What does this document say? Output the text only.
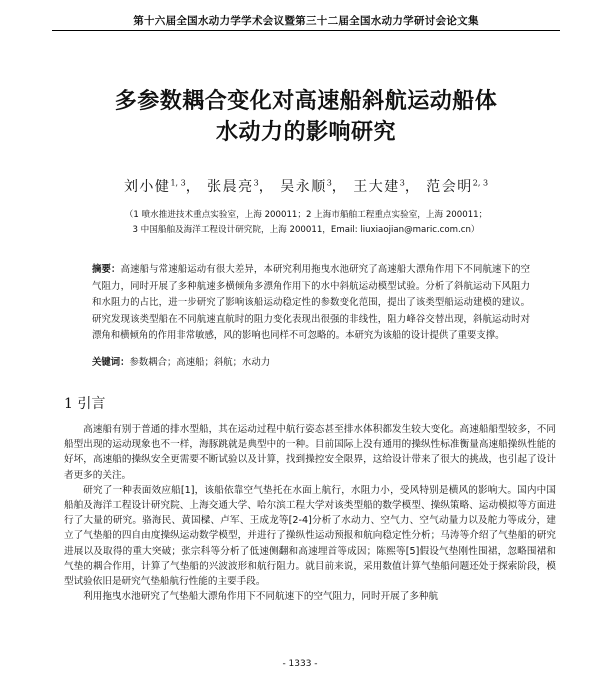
第十六届全国水动力学学术会议暨第三十二届全国水动力学研讨会论文集
多参数耦合变化对高速船斜航运动船体
水动力的影响研究
刘小健$^{1, 3}$， 张晨亮$^3$， 吴永顺$^3$， 王大建$^3$， 范会明$^{2, 3}$
（1 喷水推进技术重点实验室，上海 200011；2 上海市船舶工程重点实验室，上海 200011；
3 中国船舶及海洋工程设计研究院，上海 200011，Email: liuxiaojian@maric.com.cn）
摘要：高速船与常速船运动有很大差异，本研究利用拖曳水池研究了高速船大漂角作用下不同航速下的空气阻力，同时开展了多种航速多横倾角多漂角作用下的水中斜航运动模型试验。分析了斜航运动下风阻力和水阻力的占比，进一步研究了影响该船运动稳定性的参数变化范围，提出了该类型船运动建模的建议。研究发现该类型船在不同航速直航时的阻力变化表现出很强的非线性，阻力峰谷交替出现，斜航运动时对漂角和横倾角的作用非常敏感，风的影响也同样不可忽略的。本研究为该船的设计提供了重要支撑。
关键词：参数耦合；高速船；斜航；水动力
1 引言

高速船有别于普通的排水型船，其在运动过程中航行姿态甚至排水体积都发生较大变化。高速船船型较多，不同船型出现的运动现象也不一样，海豚跳就是典型中的一种。目前国际上没有通用的操纵性标准衡量高速船操纵性能的好坏，高速船的操纵安全更需要不断试验以及计算，找到操控安全限界，这给设计带来了很大的挑战，也引起了设计者更多的关注。

研究了一种表面效应船[1]，该船依靠空气垫托在水面上航行，水阻力小，受风特别是横风的影响大。国内中国船舶及海洋工程设计研究院、上海交通大学、哈尔滨工程大学对该类型船的数学模型、操纵策略、运动模拟等方面进行了大量的研究。骆海民、黄国樑、卢军、王成龙等[2-4]分析了水动力、空气力、空气动量力以及舵力等成分，建立了气垫船的四自由度操纵运动数学模型，并进行了操纵性运动预报和航向稳定性分析；马涛等介绍了气垫船的研究进展以及取得的重大突破；张宗科等分析了低速侧翻和高速埋首等成因；陈熙等[5]假设气垫刚性围裙，忽略围裙和气垫的耦合作用，计算了气垫船的兴波波形和航行阻力。就目前来说，采用数值计算气垫船问题还处于探索阶段，模型试验依旧是研究气垫船航行性能的主要手段。

利用拖曳水池研究了气垫船大漂角作用下不同航速下的空气阻力，同时开展了多种航

- 1333 -
